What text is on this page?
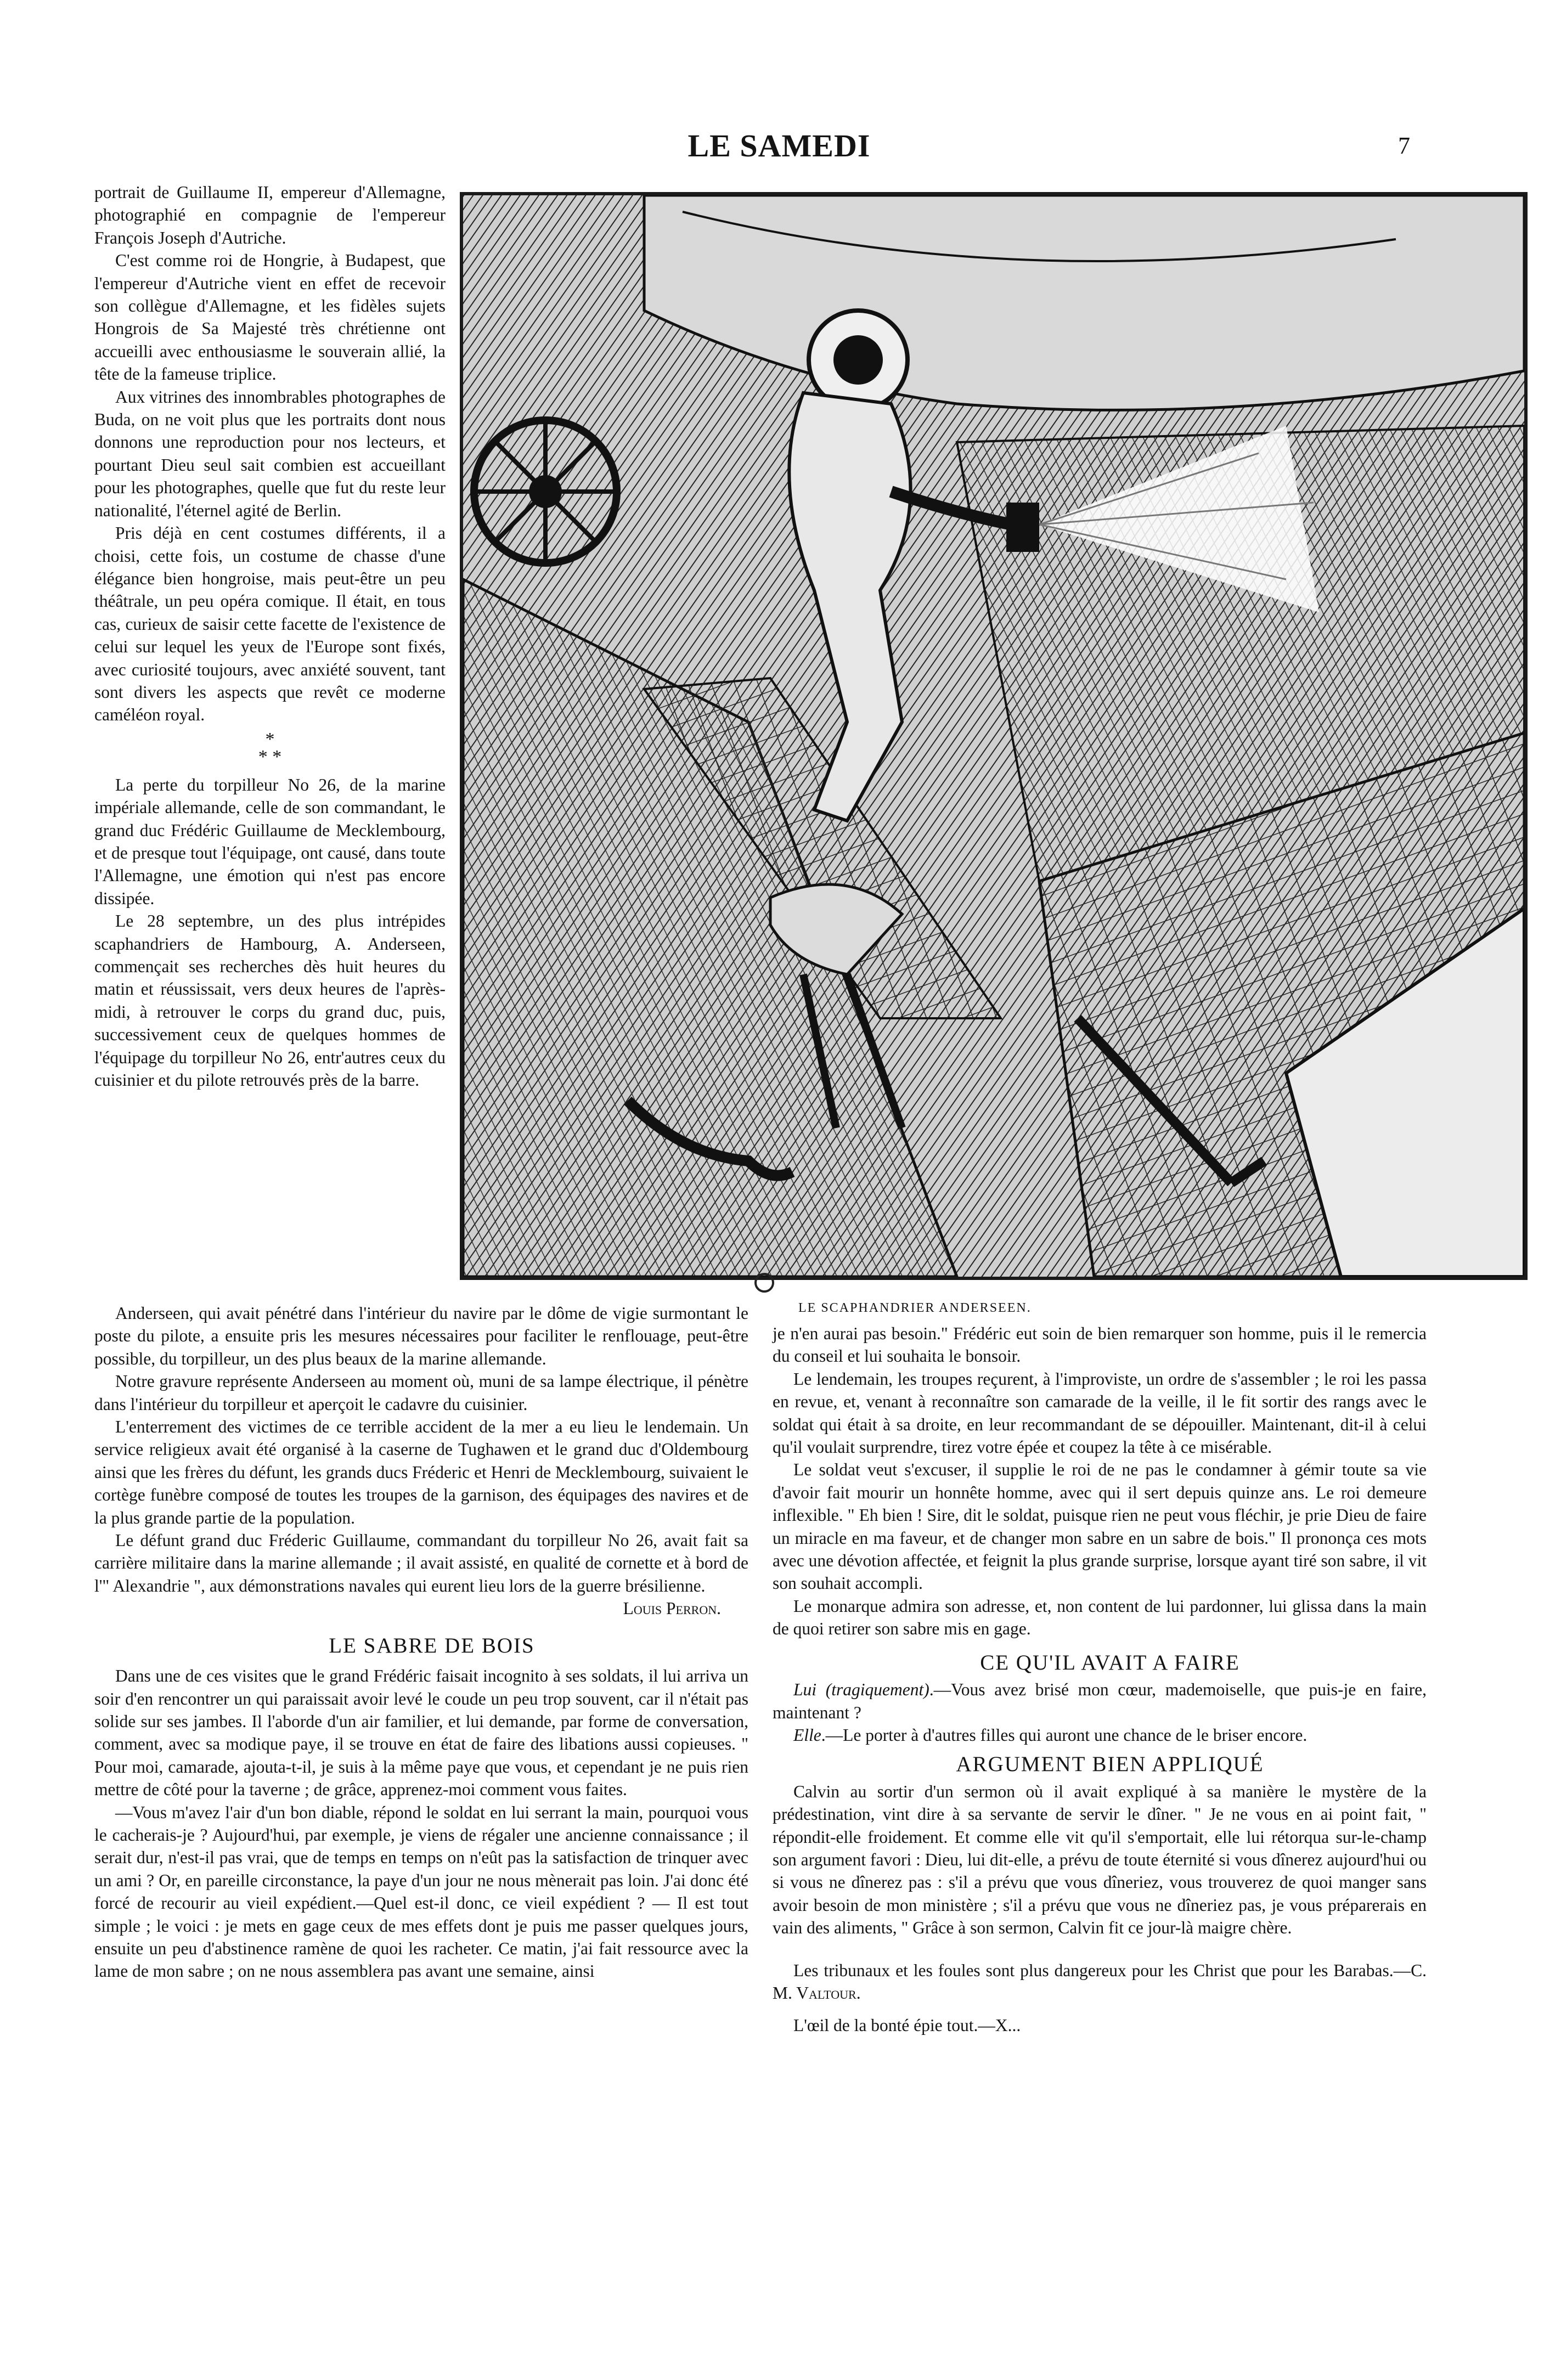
LE SAMEDI	7

portrait de Guillaume II, empereur d'Allemagne, photographié en compagnie de l'empereur François Joseph d'Autriche.

C'est comme roi de Hongrie, à Budapest, que l'empereur d'Autriche vient en effet de recevoir son collègue d'Allemagne, et les fidèles sujets Hongrois de Sa Majesté très chrétienne ont accueilli avec enthousiasme le souverain allié, la tête de la fameuse triplice.

Aux vitrines des innombrables photographes de Buda, on ne voit plus que les portraits dont nous donnons une reproduction pour nos lecteurs, et pourtant Dieu seul sait combien est accueillant pour les photographes, quelle que fut du reste leur nationalité, l'éternel agité de Berlin.

Pris déjà en cent costumes différents, il a choisi, cette fois, un costume de chasse d'une élégance bien hongroise, mais peut-être un peu théâtrale, un peu opéra comique. Il était, en tous cas, curieux de saisir cette facette de l'existence de celui sur lequel les yeux de l'Europe sont fixés, avec curiosité toujours, avec anxiété souvent, tant sont divers les aspects que revêt ce moderne caméléon royal.

*
* *

La perte du torpilleur No 26, de la marine impériale allemande, celle de son commandant, le grand duc Frédéric Guillaume de Mecklembourg, et de presque tout l'équipage, ont causé, dans toute l'Allemagne, une émotion qui n'est pas encore dissipée.

Le 28 septembre, un des plus intrépides scaphandriers de Hambourg, A. Anderseen, commençait ses recherches dès huit heures du matin et réussissait, vers deux heures de l'après-midi, à retrouver le corps du grand duc, puis, successivement ceux de quelques hommes de l'équipage du torpilleur No 26, entr'autres ceux du cuisinier et du pilote retrouvés près de la barre.

LE SCAPHANDRIER ANDERSEEN.

Anderseen, qui avait pénétré dans l'intérieur du navire par le dôme de vigie surmontant le poste du pilote, a ensuite pris les mesures nécessaires pour faciliter le renflouage, peut-être possible, du torpilleur, un des plus beaux de la marine allemande.

Notre gravure représente Anderseen au moment où, muni de sa lampe électrique, il pénètre dans l'intérieur du torpilleur et aperçoit le cadavre du cuisinier.

L'enterrement des victimes de ce terrible accident de la mer a eu lieu le lendemain. Un service religieux avait été organisé à la caserne de Tughawen et le grand duc d'Oldembourg ainsi que les frères du défunt, les grands ducs Fréderic et Henri de Mecklembourg, suivaient le cortège funèbre composé de toutes les troupes de la garnison, des équipages des navires et de la plus grande partie de la population.

Le défunt grand duc Fréderic Guillaume, commandant du torpilleur No 26, avait fait sa carrière militaire dans la marine allemande ; il avait assisté, en qualité de cornette et à bord de l'" Alexandrie ", aux démonstrations navales qui eurent lieu lors de la guerre brésilienne.

Louis Perron.

LE SABRE DE BOIS

Dans une de ces visites que le grand Frédéric faisait incognito à ses soldats, il lui arriva un soir d'en rencontrer un qui paraissait avoir levé le coude un peu trop souvent, car il n'était pas solide sur ses jambes. Il l'aborde d'un air familier, et lui demande, par forme de conversation, comment, avec sa modique paye, il se trouve en état de faire des libations aussi copieuses. " Pour moi, camarade, ajouta-t-il, je suis à la même paye que vous, et cependant je ne puis rien mettre de côté pour la taverne ; de grâce, apprenez-moi comment vous faites.

—Vous m'avez l'air d'un bon diable, répond le soldat en lui serrant la main, pourquoi vous le cacherais-je ? Aujourd'hui, par exemple, je viens de régaler une ancienne connaissance ; il serait dur, n'est-il pas vrai, que de temps en temps on n'eût pas la satisfaction de trinquer avec un ami ? Or, en pareille circonstance, la paye d'un jour ne nous mènerait pas loin. J'ai donc été forcé de recourir au vieil expédient.—Quel est-il donc, ce vieil expédient ? — Il est tout simple ; le voici : je mets en gage ceux de mes effets dont je puis me passer quelques jours, ensuite un peu d'abstinence ramène de quoi les racheter. Ce matin, j'ai fait ressource avec la lame de mon sabre ; on ne nous assemblera pas avant une semaine, ainsi

je n'en aurai pas besoin." Frédéric eut soin de bien remarquer son homme, puis il le remercia du conseil et lui souhaita le bonsoir.

Le lendemain, les troupes reçurent, à l'improviste, un ordre de s'assembler ; le roi les passa en revue, et, venant à reconnaître son camarade de la veille, il le fit sortir des rangs avec le soldat qui était à sa droite, en leur recommandant de se dépouiller. Maintenant, dit-il à celui qu'il voulait surprendre, tirez votre épée et coupez la tête à ce misérable.

Le soldat veut s'excuser, il supplie le roi de ne pas le condamner à gémir toute sa vie d'avoir fait mourir un honnête homme, avec qui il sert depuis quinze ans. Le roi demeure inflexible. " Eh bien ! Sire, dit le soldat, puisque rien ne peut vous fléchir, je prie Dieu de faire un miracle en ma faveur, et de changer mon sabre en un sabre de bois." Il prononça ces mots avec une dévotion affectée, et feignit la plus grande surprise, lorsque ayant tiré son sabre, il vit son souhait accompli.

Le monarque admira son adresse, et, non content de lui pardonner, lui glissa dans la main de quoi retirer son sabre mis en gage.

CE QU'IL AVAIT A FAIRE

Lui (tragiquement).—Vous avez brisé mon cœur, mademoiselle, que puis-je en faire, maintenant ?

Elle.—Le porter à d'autres filles qui auront une chance de le briser encore.

ARGUMENT BIEN APPLIQUÉ

Calvin au sortir d'un sermon où il avait expliqué à sa manière le mystère de la prédestination, vint dire à sa servante de servir le dîner. " Je ne vous en ai point fait, " répondit-elle froidement. Et comme elle vit qu'il s'emportait, elle lui rétorqua sur-le-champ son argument favori : Dieu, lui dit-elle, a prévu de toute éternité si vous dînerez aujourd'hui ou si vous ne dînerez pas : s'il a prévu que vous dîneriez, vous trouverez de quoi manger sans avoir besoin de mon ministère ; s'il a prévu que vous ne dîneriez pas, je vous préparerais en vain des aliments, " Grâce à son sermon, Calvin fit ce jour-là maigre chère.

Les tribunaux et les foules sont plus dangereux pour les Christ que pour les Barabas.—C. M. Valtour.

L'œil de la bonté épie tout.—X...
